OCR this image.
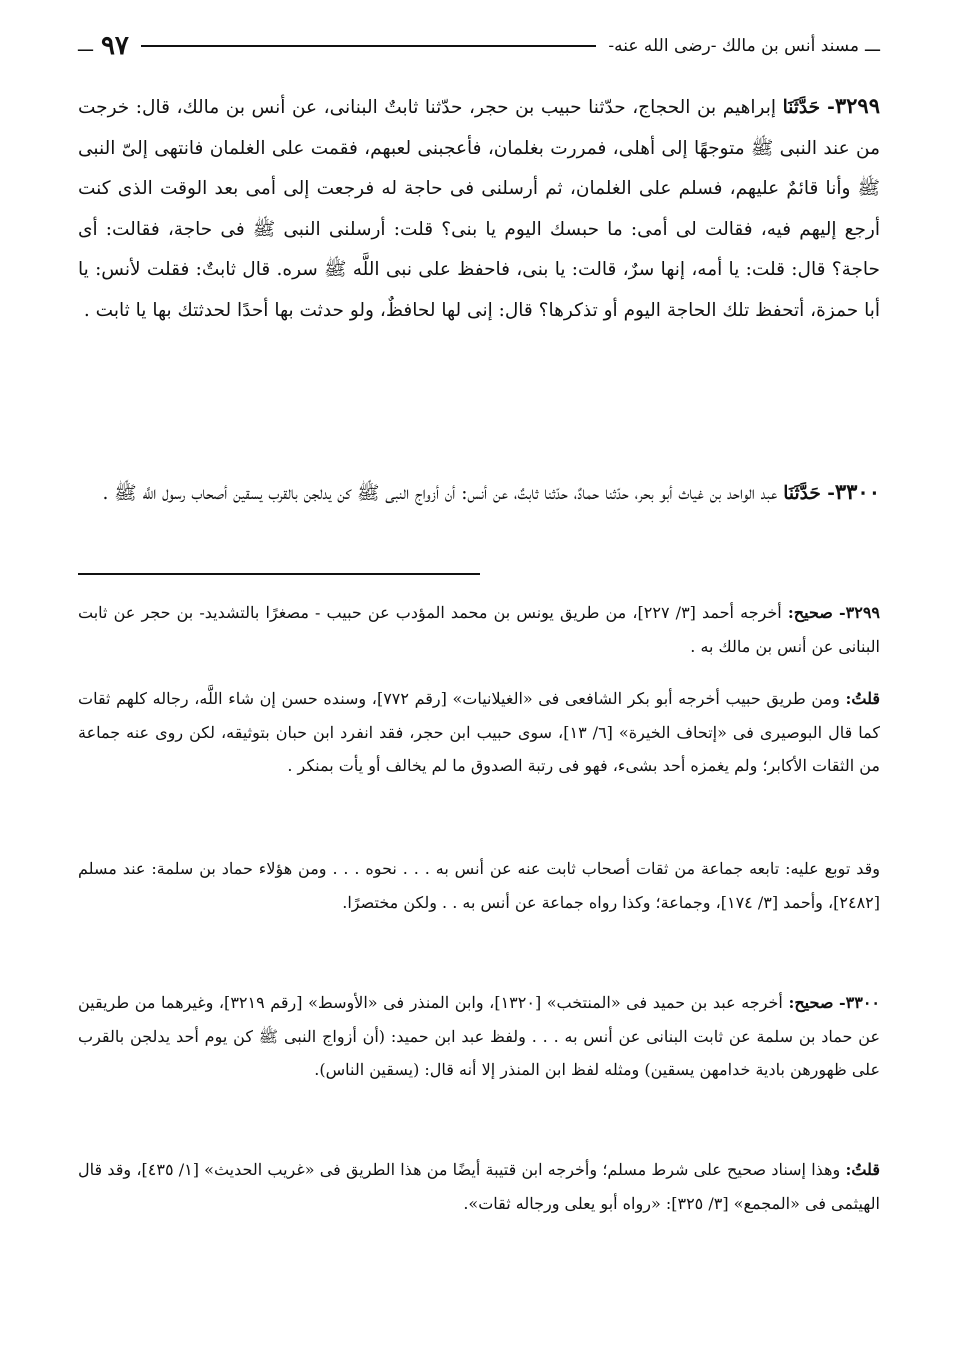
ـــ
مسند أنس بن مالك -رضى الله عنه-
٩٧
ـــ
٣٢٩٩- حَدَّثَنَا إبراهيم بن الحجاج، حدّثنا حبيب بن حجر، حدّثنا ثابتٌ البنانى، عن أنس بن مالك، قال: خرجت من عند النبى ﷺ متوجهًا إلى أهلى، فمررت بغلمان، فأعجبنى لعبهم، فقمت على الغلمان فانتهى إلىّ النبى ﷺ وأنا قائمٌ عليهم، فسلم على الغلمان، ثم أرسلنى فى حاجة له فرجعت إلى أمى بعد الوقت الذى كنت أرجع إليهم فيه، فقالت لى أمى: ما حبسك اليوم يا بنى؟ قلت: أرسلنى النبى ﷺ فى حاجة، فقالت: أى حاجة؟ قال: قلت: يا أمه، إنها سرٌ، قالت: يا بنى، فاحفظ على نبى اللَّه ﷺ سره. قال ثابتٌ: فقلت لأنس: يا أبا حمزة، أتحفظ تلك الحاجة اليوم أو تذكرها؟ قال: إنى لها لحافظٌ، ولو حدثت بها أحدًا لحدثتك بها يا ثابت .
٣٣٠٠- حَدَّثَنَا عبد الواحد بن غياث أبو بحر، حدّثنا حمادٌ، حدّثنا ثابتٌ، عن أنس: أن أزواج النبى ﷺ كن يدلجن بالقرب يسقين أصحاب رسول اللَّه ﷺ .
٣٢٩٩- صحيح: أخرجه أحمد [٣/ ٢٢٧]، من طريق يونس بن محمد المؤدب عن حبيب - مصغرًا بالتشديد- بن حجر عن ثابت البنانى عن أنس بن مالك به .
قلتُ: ومن طريق حبيب أخرجه أبو بكر الشافعى فى «الغيلانيات» [رقم ٧٧٢]، وسنده حسن إن شاء اللَّه، رجاله كلهم ثقات كما قال البوصيرى فى «إتحاف الخيرة» [٦/ ١٣]، سوى حبيب ابن حجر، فقد انفرد ابن حبان بتوثيقه، لكن روى عنه جماعة من الثقات الأكابر؛ ولم يغمزه أحد بشىء، فهو فى رتبة الصدوق ما لم يخالف أو يأت بمنكر .
وقد توبع عليه: تابعه جماعة من ثقات أصحاب ثابت عنه عن أنس به . . . نحوه . . . ومن هؤلاء حماد بن سلمة: عند مسلم [٢٤٨٢]، وأحمد [٣/ ١٧٤]، وجماعة؛ وكذا رواه جماعة عن أنس به . . ولكن مختصرًا.
٣٣٠٠- صحيح: أخرجه عبد بن حميد فى «المنتخب» [١٣٢٠]، وابن المنذر فى «الأوسط» [رقم ٣٢١٩]، وغيرهما من طريقين عن حماد بن سلمة عن ثابت البنانى عن أنس به . . . ولفظ عبد ابن حميد: (أن أزواج النبى ﷺ كن يوم أحد يدلجن بالقرب على ظهورهن بادية خدامهن يسقين) ومثله لفظ ابن المنذر إلا أنه قال: (يسقين الناس).
قلتُ: وهذا إسناد صحيح على شرط مسلم؛ وأخرجه ابن قتيبة أيضًا من هذا الطريق فى «غريب الحديث» [١/ ٤٣٥]، وقد قال الهيثمى فى «المجمع» [٣/ ٣٢٥]: «رواه أبو يعلى ورجاله ثقات».
